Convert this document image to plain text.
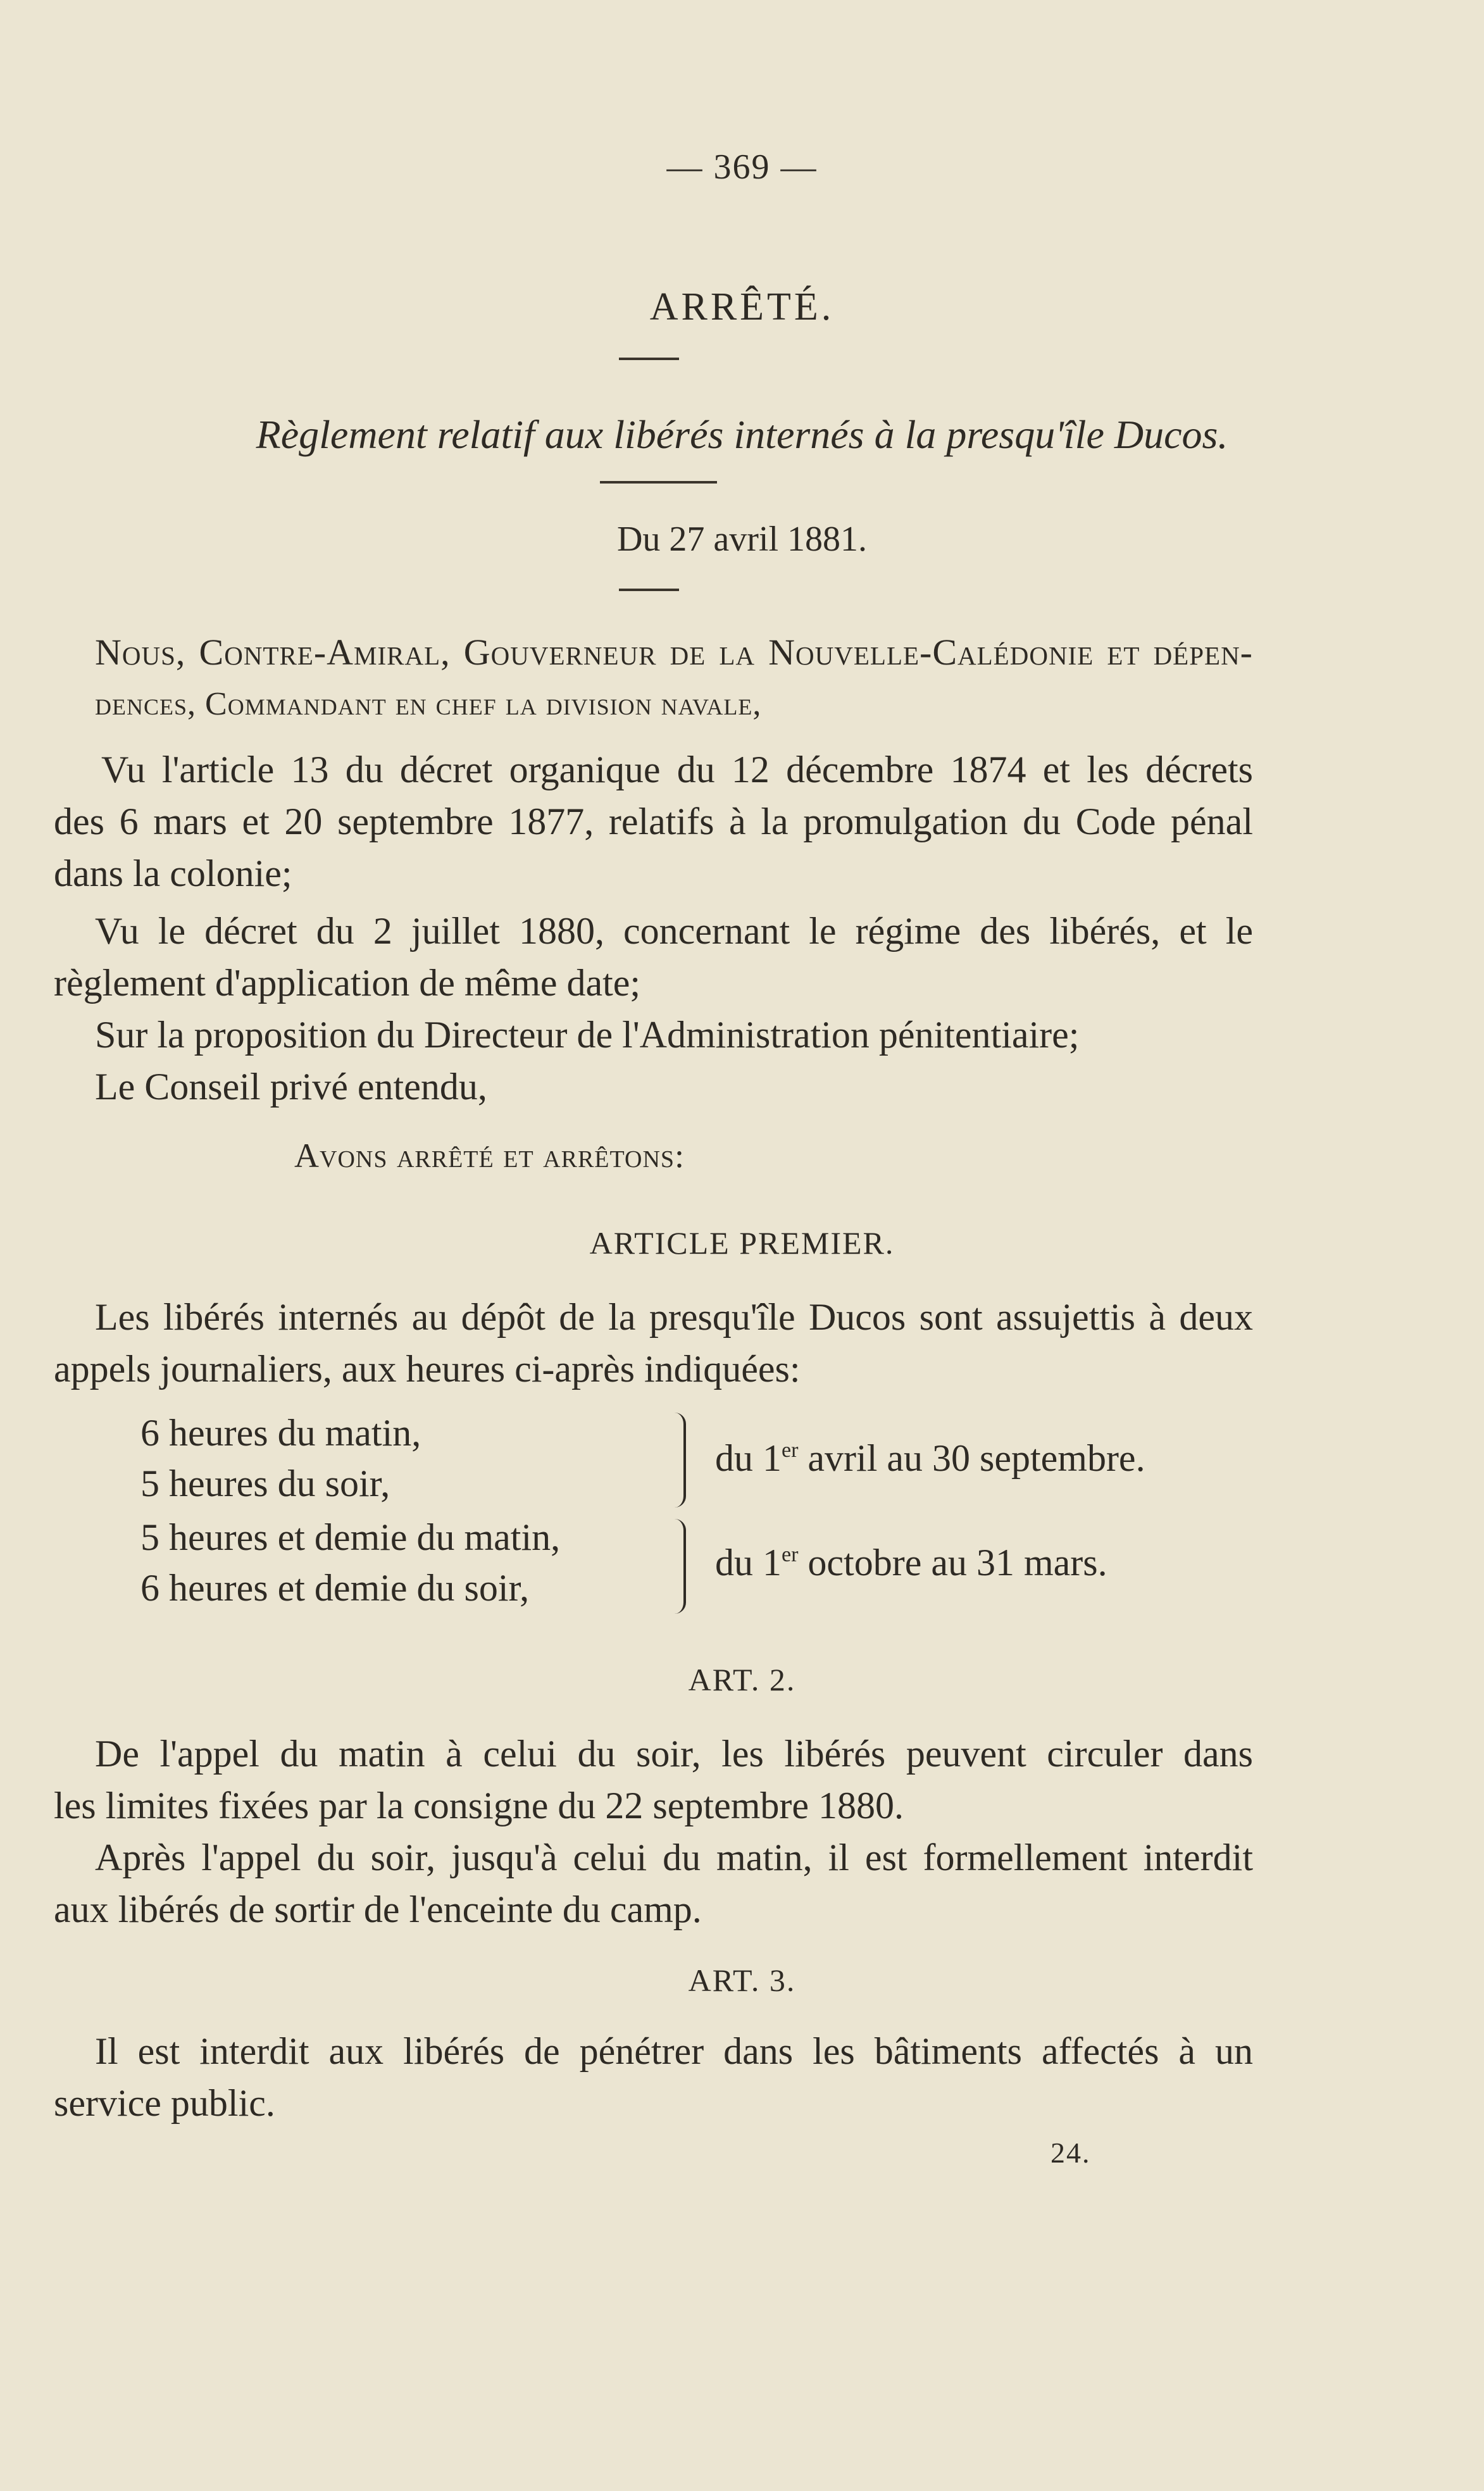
— 369 —
ARRÊTÉ.
Règlement relatif aux libérés internés à la presqu'île Ducos.
Du 27 avril 1881.
Nous, Contre-Amiral, Gouverneur de la Nouvelle-Calédonie et dépen-
dences, Commandant en chef la division navale,
Vu l'article 13 du décret organique du 12 décembre 1874 et les décrets
des 6 mars et 20 septembre 1877, relatifs à la promulgation du Code pénal
dans la colonie;
Vu le décret du 2 juillet 1880, concernant le régime des libérés, et le
règlement d'application de même date;
Sur la proposition du Directeur de l'Administration pénitentiaire;
Le Conseil privé entendu,
Avons arrêté et arrêtons:
ARTICLE PREMIER.
Les libérés internés au dépôt de la presqu'île Ducos sont assujettis à deux
appels journaliers, aux heures ci-après indiquées:
6 heures du matin,
5 heures du soir,
du 1er avril au 30 septembre.
5 heures et demie du matin,
6 heures et demie du soir,
du 1er octobre au 31 mars.
ART. 2.
De l'appel du matin à celui du soir, les libérés peuvent circuler dans
les limites fixées par la consigne du 22 septembre 1880.
Après l'appel du soir, jusqu'à celui du matin, il est formellement interdit
aux libérés de sortir de l'enceinte du camp.
ART. 3.
Il est interdit aux libérés de pénétrer dans les bâtiments affectés à un
service public.
24.
